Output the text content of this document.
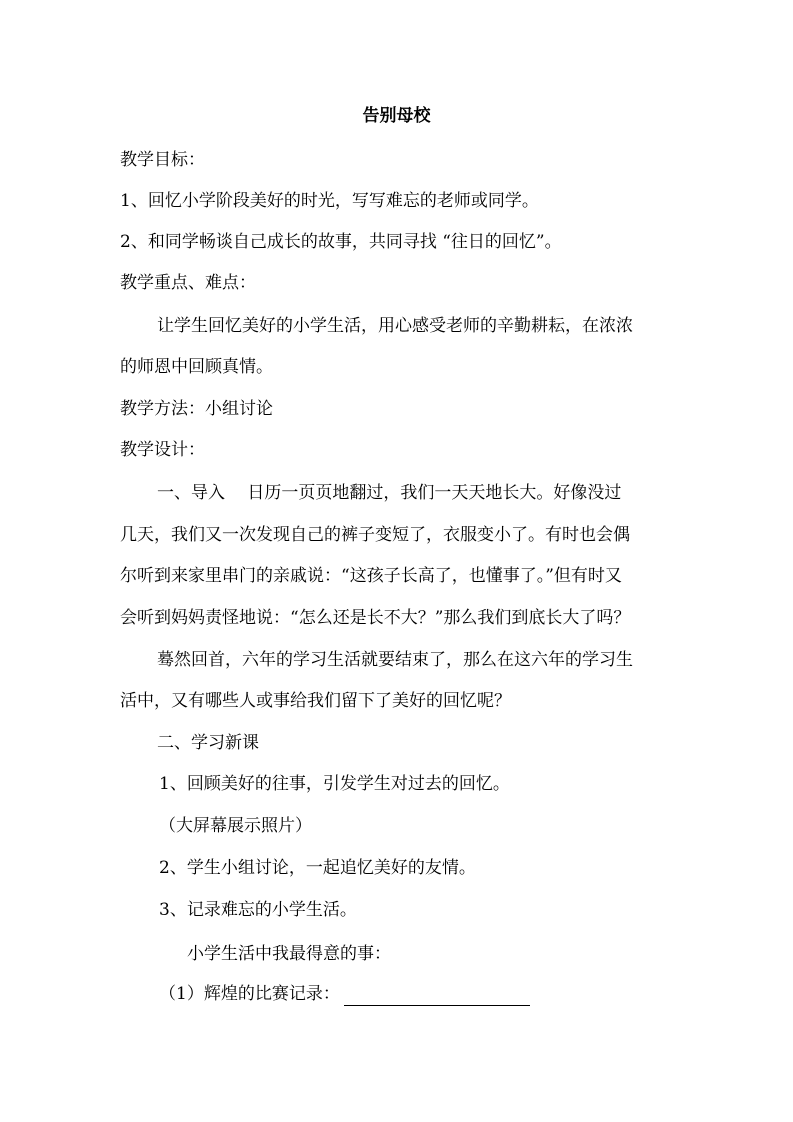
告别母校
教学目标：
1、回忆小学阶段美好的时光，写写难忘的老师或同学。
2、和同学畅谈自己成长的故事，共同寻找 “往日的回忆”。
教学重点、难点：
让学生回忆美好的小学生活，用心感受老师的辛勤耕耘，在浓浓
的师恩中回顾真情。
教学方法：小组讨论
教学设计：
一、导入　 日历一页页地翻过，我们一天天地长大。好像没过
几天，我们又一次发现自己的裤子变短了，衣服变小了。有时也会偶
尔听到来家里串门的亲戚说：“这孩子长高了，也懂事了。”但有时又
会听到妈妈责怪地说：“怎么还是长不大？”那么我们到底长大了吗？
蓦然回首，六年的学习生活就要结束了，那么在这六年的学习生
活中，又有哪些人或事给我们留下了美好的回忆呢？
二、学习新课
1、回顾美好的往事，引发学生对过去的回忆。
（大屏幕展示照片）
2、学生小组讨论，一起追忆美好的友情。
3、记录难忘的小学生活。
小学生活中我最得意的事：
（1）辉煌的比赛记录：
